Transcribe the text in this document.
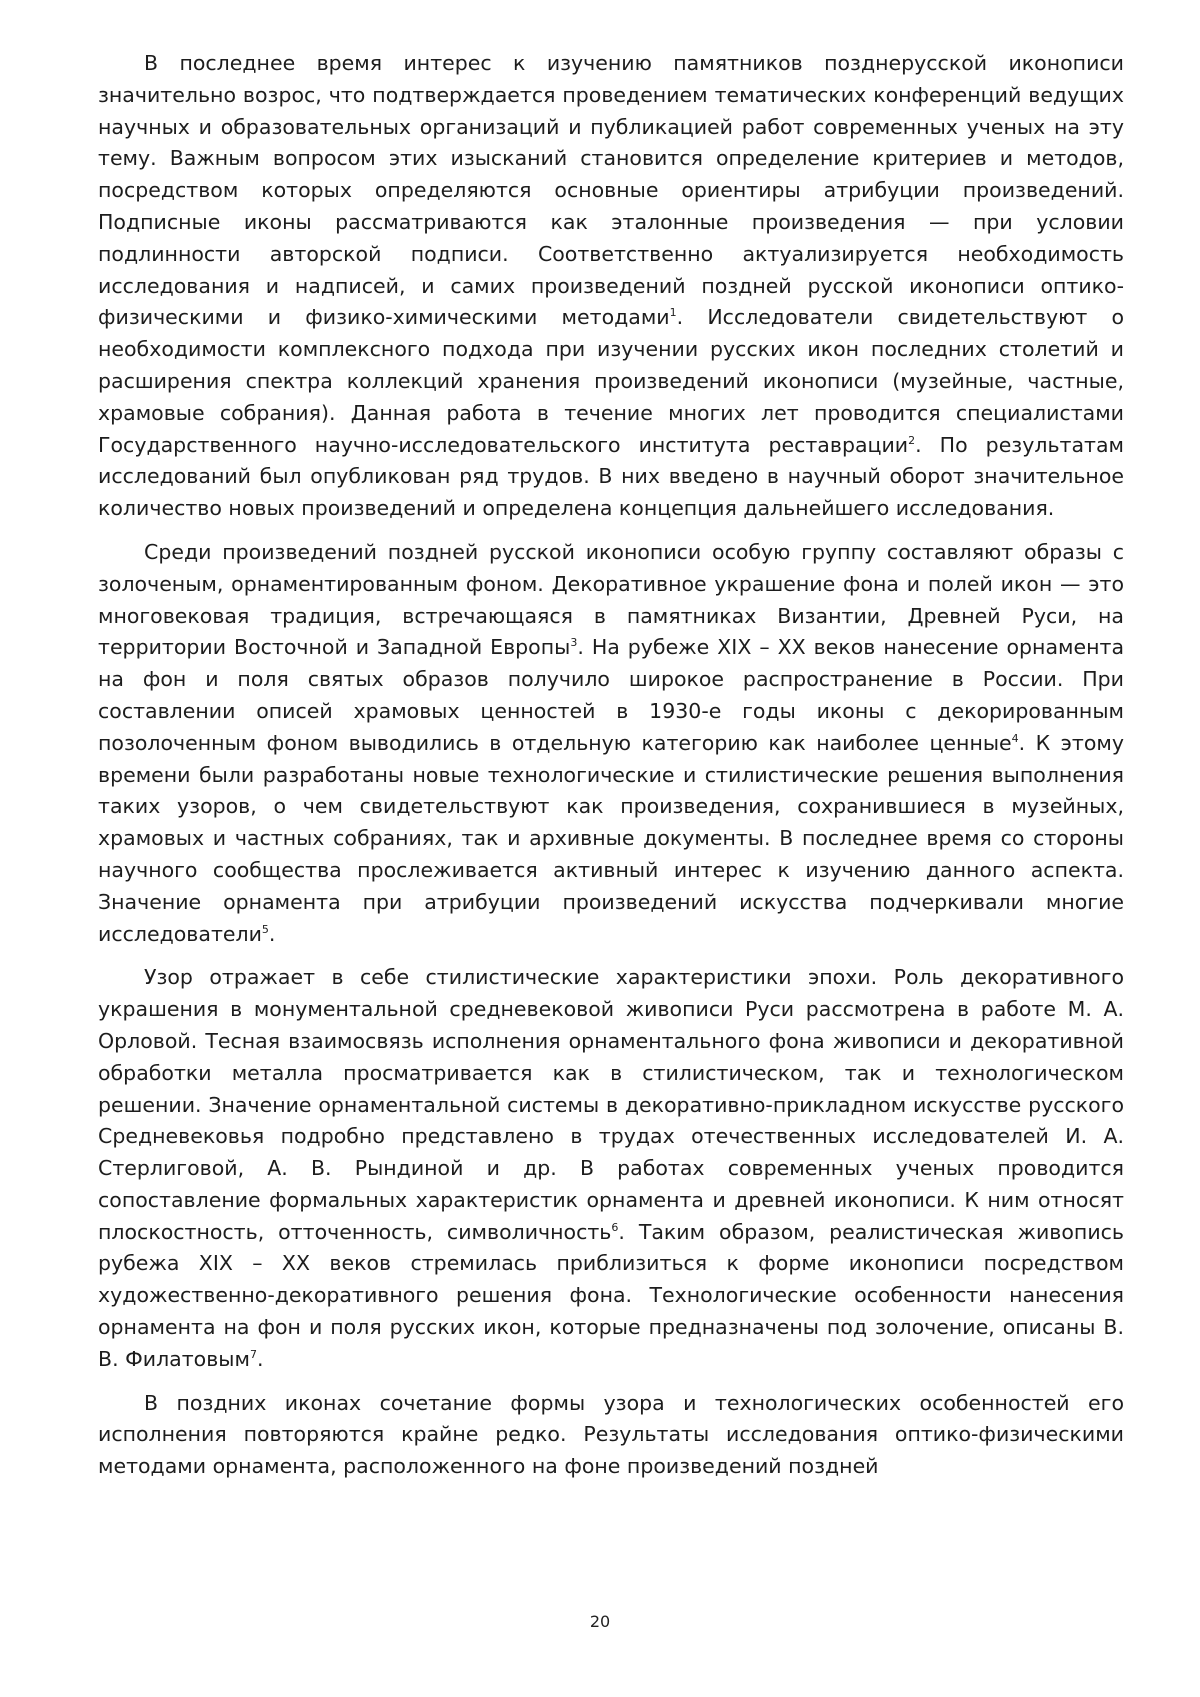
В последнее время интерес к изучению памятников позднерусской иконописи значительно возрос, что подтверждается проведением тематических конференций ведущих научных и образовательных организаций и публикацией работ современных ученых на эту тему. Важным вопросом этих изысканий становится определение критериев и методов, посредством которых определяются основные ориентиры атрибуции произведений. Подписные иконы рассматриваются как эталонные произведения — при условии подлинности авторской подписи. Соответственно актуализируется необходимость исследования и надписей, и самих произведений поздней русской иконописи оптико-физическими и физико-химическими методами$^1$. Исследователи свидетельствуют о необходимости комплексного подхода при изучении русских икон последних столетий и расширения спектра коллекций хранения произведений иконописи (музейные, частные, храмовые собрания). Данная работа в течение многих лет проводится специалистами Государственного научно-исследовательского института реставрации$^2$. По результатам исследований был опубликован ряд трудов. В них введено в научный оборот значительное количество новых произведений и определена концепция дальнейшего исследования.

Среди произведений поздней русской иконописи особую группу составляют образы с золоченым, орнаментированным фоном. Декоративное украшение фона и полей икон — это многовековая традиция, встречающаяся в памятниках Византии, Древней Руси, на территории Восточной и Западной Европы$^3$. На рубеже XIX – XX веков нанесение орнамента на фон и поля святых образов получило широкое распространение в России. При составлении описей храмовых ценностей в 1930-е годы иконы с декорированным позолоченным фоном выводились в отдельную категорию как наиболее ценные$^4$. К этому времени были разработаны новые технологические и стилистические решения выполнения таких узоров, о чем свидетельствуют как произведения, сохранившиеся в музейных, храмовых и частных собраниях, так и архивные документы. В последнее время со стороны научного сообщества прослеживается активный интерес к изучению данного аспекта. Значение орнамента при атрибуции произведений искусства подчеркивали многие исследователи$^5$.

Узор отражает в себе стилистические характеристики эпохи. Роль декоративного украшения в монументальной средневековой живописи Руси рассмотрена в работе М. А. Орловой. Тесная взаимосвязь исполнения орнаментального фона живописи и декоративной обработки металла просматривается как в стилистическом, так и технологическом решении. Значение орнаментальной системы в декоративно-прикладном искусстве русского Средневековья подробно представлено в трудах отечественных исследователей И. А. Стерлиговой, А. В. Рындиной и др. В работах современных ученых проводится сопоставление формальных характеристик орнамента и древней иконописи. К ним относят плоскостность, отточенность, символичность$^6$. Таким образом, реалистическая живопись рубежа XIX – XX веков стремилась приблизиться к форме иконописи посредством художественно-декоративного решения фона. Технологические особенности нанесения орнамента на фон и поля русских икон, которые предназначены под золочение, описаны В. В. Филатовым$^7$.

В поздних иконах сочетание формы узора и технологических особенностей его исполнения повторяются крайне редко. Результаты исследования оптико-физическими методами орнамента, расположенного на фоне произведений поздней

20
